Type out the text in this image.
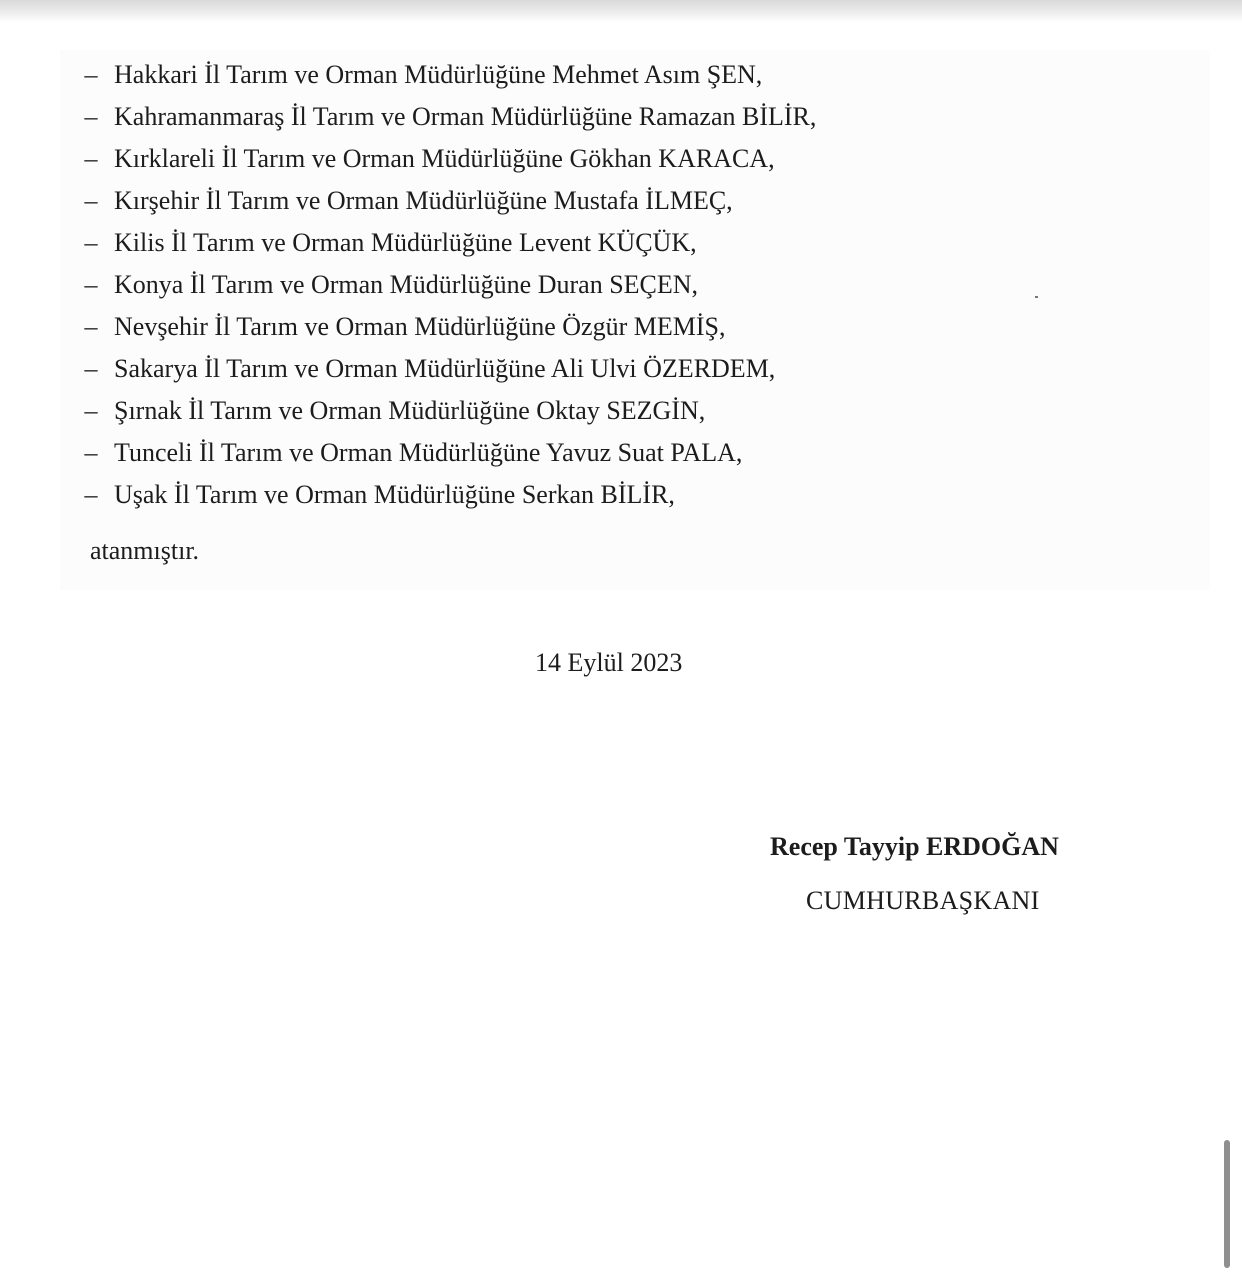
– Hakkari İl Tarım ve Orman Müdürlüğüne Mehmet Asım ŞEN,
– Kahramanmaraş İl Tarım ve Orman Müdürlüğüne Ramazan BİLİR,
– Kırklareli İl Tarım ve Orman Müdürlüğüne Gökhan KARACA,
– Kırşehir İl Tarım ve Orman Müdürlüğüne Mustafa İLMEÇ,
– Kilis İl Tarım ve Orman Müdürlüğüne Levent KÜÇÜK,
– Konya İl Tarım ve Orman Müdürlüğüne Duran SEÇEN,
– Nevşehir İl Tarım ve Orman Müdürlüğüne Özgür MEMİŞ,
– Sakarya İl Tarım ve Orman Müdürlüğüne Ali Ulvi ÖZERDEM,
– Şırnak İl Tarım ve Orman Müdürlüğüne Oktay SEZGİN,
– Tunceli İl Tarım ve Orman Müdürlüğüne Yavuz Suat PALA,
– Uşak İl Tarım ve Orman Müdürlüğüne Serkan BİLİR,
atanmıştır.
14 Eylül 2023
Recep Tayyip ERDOĞAN
CUMHURBAŞKANI
